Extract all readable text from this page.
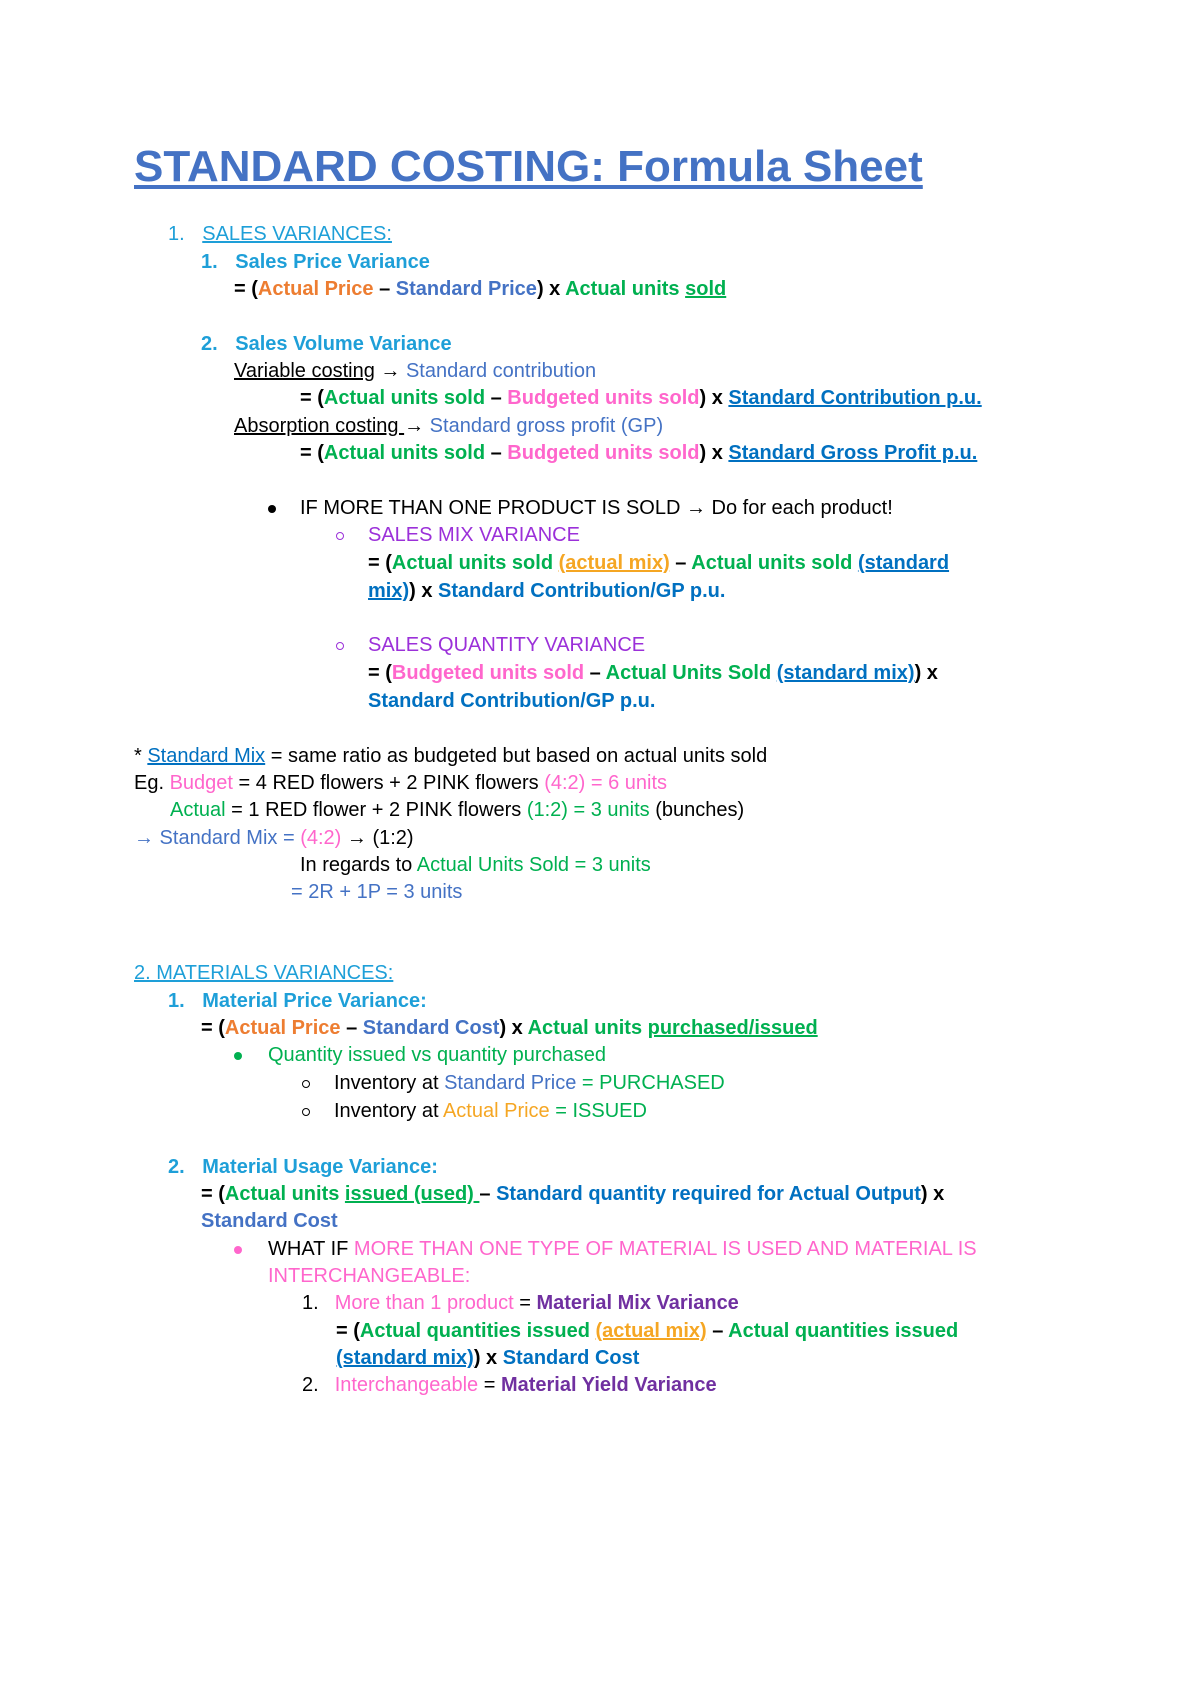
STANDARD COSTING: Formula Sheet
1. SALES VARIANCES:
1. Sales Price Variance
= (Actual Price – Standard Price) x Actual units sold
2. Sales Volume Variance
Variable costing → Standard contribution
= (Actual units sold – Budgeted units sold) x Standard Contribution p.u.
Absorption costing → Standard gross profit (GP)
= (Actual units sold – Budgeted units sold) x Standard Gross Profit p.u.
IF MORE THAN ONE PRODUCT IS SOLD → Do for each product!
SALES MIX VARIANCE
= (Actual units sold (actual mix) – Actual units sold (standard
mix)) x Standard Contribution/GP p.u.
SALES QUANTITY VARIANCE
= (Budgeted units sold – Actual Units Sold (standard mix)) x
Standard Contribution/GP p.u.
* Standard Mix = same ratio as budgeted but based on actual units sold
Eg. Budget = 4 RED flowers + 2 PINK flowers (4:2) = 6 units
Actual = 1 RED flower + 2 PINK flowers (1:2) = 3 units (bunches)
→ Standard Mix = (4:2) → (1:2)
In regards to Actual Units Sold = 3 units
= 2R + 1P = 3 units
2. MATERIALS VARIANCES:
1. Material Price Variance:
= (Actual Price – Standard Cost) x Actual units purchased/issued
Quantity issued vs quantity purchased
Inventory at Standard Price = PURCHASED
Inventory at Actual Price = ISSUED
2. Material Usage Variance:
= (Actual units issued (used) – Standard quantity required for Actual Output) x
Standard Cost
WHAT IF MORE THAN ONE TYPE OF MATERIAL IS USED AND MATERIAL IS
INTERCHANGEABLE:
1. More than 1 product = Material Mix Variance
= (Actual quantities issued (actual mix) – Actual quantities issued
(standard mix)) x Standard Cost
2. Interchangeable = Material Yield Variance
